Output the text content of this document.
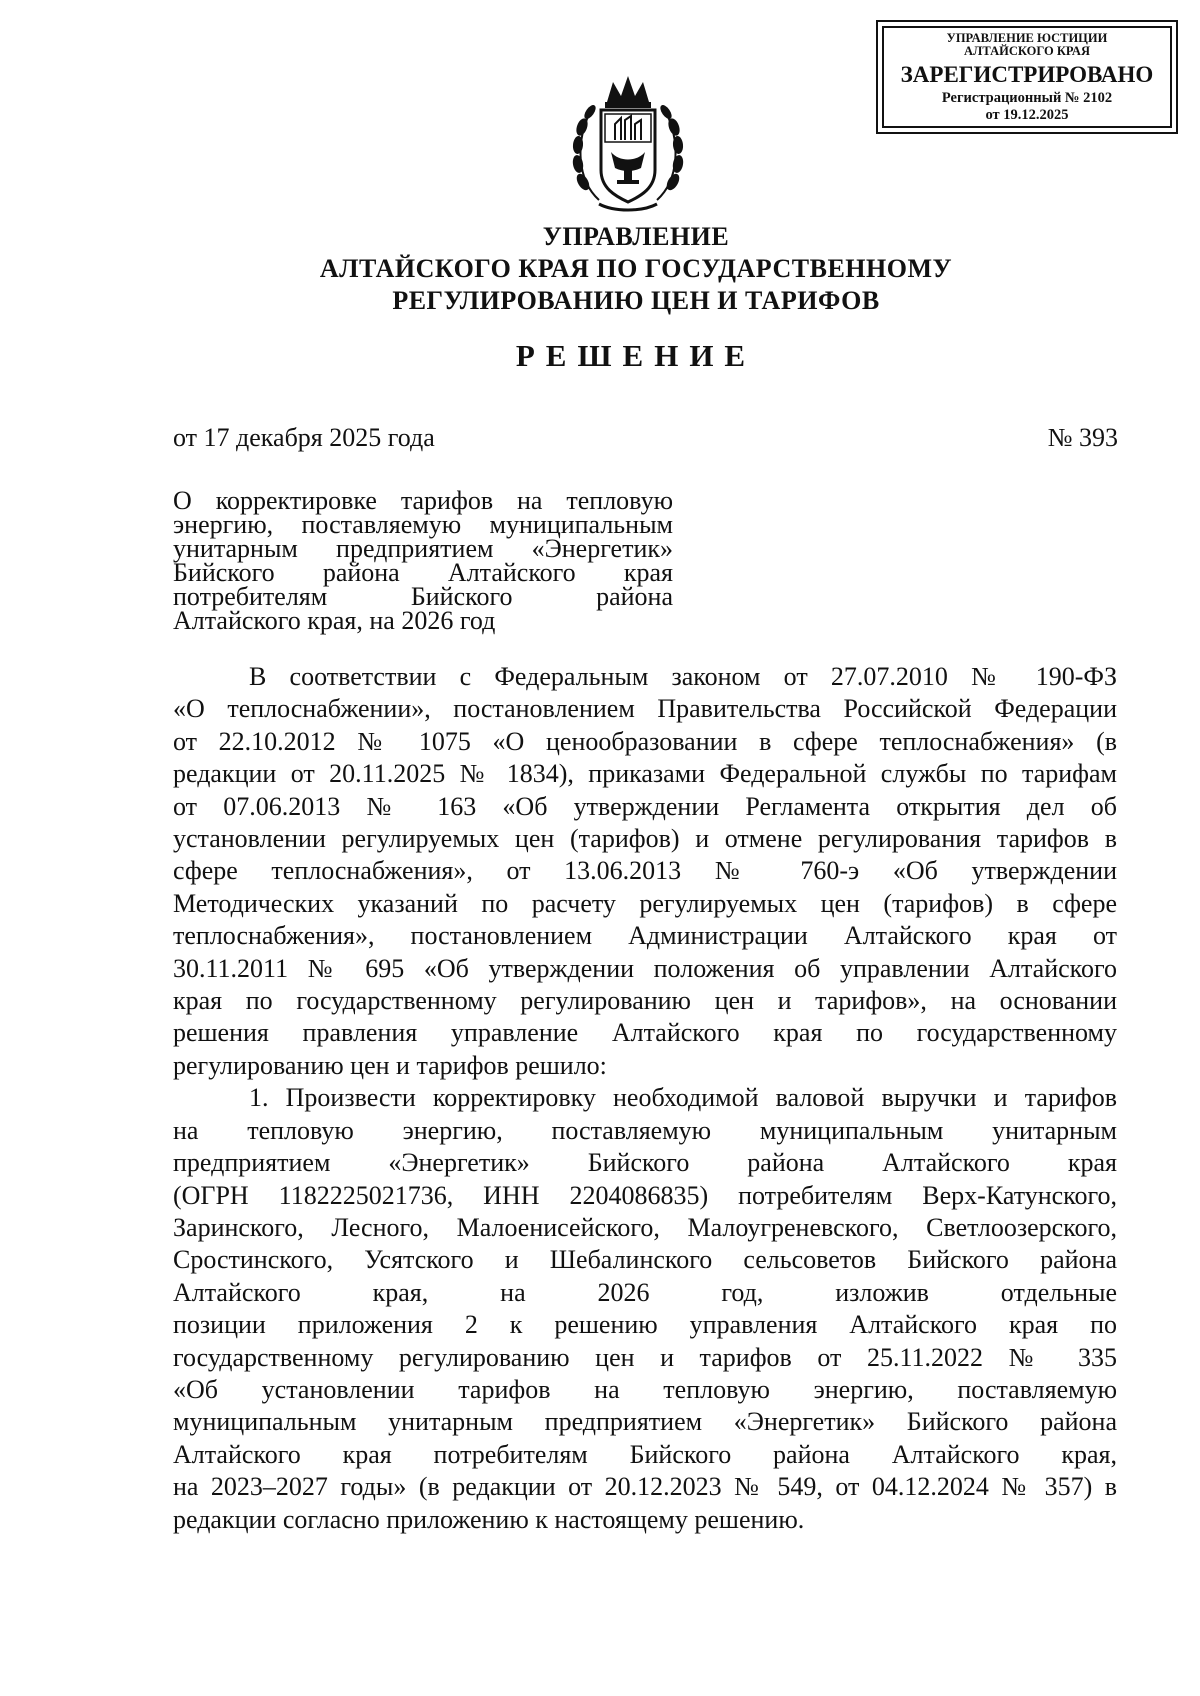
УПРАВЛЕНИЕ ЮСТИЦИИ
АЛТАЙСКОГО КРАЯ
ЗАРЕГИСТРИРОВАНО
Регистрационный № 2102
от 19.12.2025
УПРАВЛЕНИЕ
АЛТАЙСКОГО КРАЯ ПО ГОСУДАРСТВЕННОМУ
РЕГУЛИРОВАНИЮ ЦЕН И ТАРИФОВ
РЕШЕНИЕ
от 17 декабря 2025 года	№ 393
О корректировке тарифов на тепловую
энергию, поставляемую муниципальным
унитарным предприятием «Энергетик»
Бийского района Алтайского края
потребителям Бийского района
Алтайского края, на 2026 год
В соответствии с Федеральным законом от 27.07.2010 № 190-ФЗ
«О теплоснабжении», постановлением Правительства Российской Федерации
от 22.10.2012 № 1075 «О ценообразовании в сфере теплоснабжения» (в
редакции от 20.11.2025 № 1834), приказами Федеральной службы по тарифам
от 07.06.2013 № 163 «Об утверждении Регламента открытия дел об
установлении регулируемых цен (тарифов) и отмене регулирования тарифов в
сфере теплоснабжения», от 13.06.2013 № 760-э «Об утверждении
Методических указаний по расчету регулируемых цен (тарифов) в сфере
теплоснабжения», постановлением Администрации Алтайского края от
30.11.2011 № 695 «Об утверждении положения об управлении Алтайского
края по государственному регулированию цен и тарифов», на основании
решения правления управление Алтайского края по государственному
регулированию цен и тарифов решило:
1. Произвести корректировку необходимой валовой выручки и тарифов
на тепловую энергию, поставляемую муниципальным унитарным
предприятием «Энергетик» Бийского района Алтайского края
(ОГРН 1182225021736, ИНН 2204086835) потребителям Верх-Катунского,
Заринского, Лесного, Малоенисейского, Малоугреневского, Светлоозерского,
Сростинского, Усятского и Шебалинского сельсоветов Бийского района
Алтайского края, на 2026 год, изложив отдельные
позиции приложения 2 к решению управления Алтайского края по
государственному регулированию цен и тарифов от 25.11.2022 № 335
«Об установлении тарифов на тепловую энергию, поставляемую
муниципальным унитарным предприятием «Энергетик» Бийского района
Алтайского края потребителям Бийского района Алтайского края,
на 2023–2027 годы» (в редакции от 20.12.2023 № 549, от 04.12.2024 № 357) в
редакции согласно приложению к настоящему решению.
